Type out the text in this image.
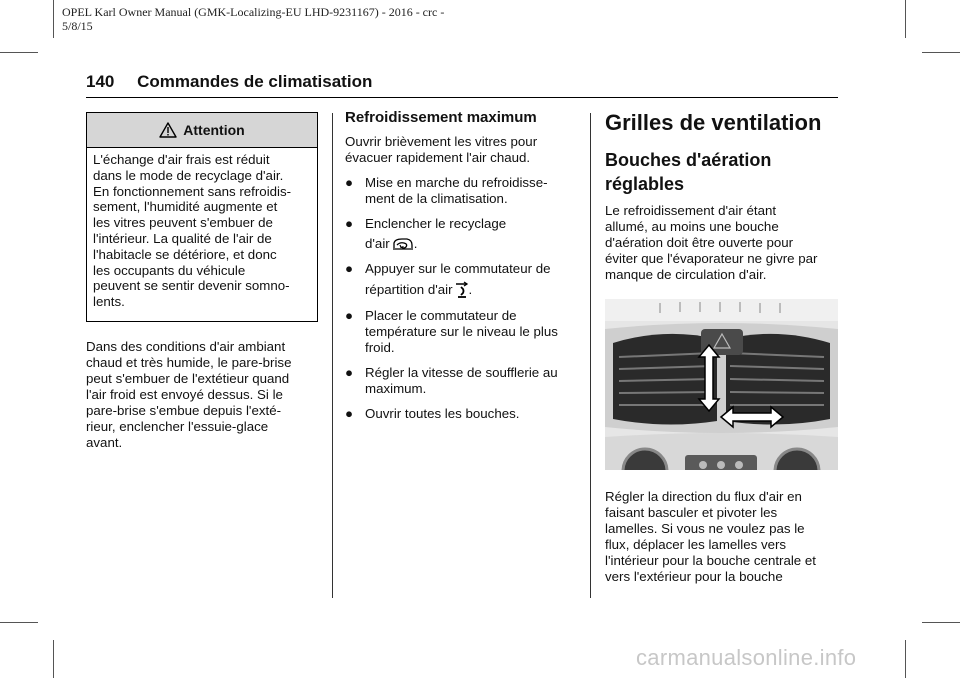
OPEL Karl Owner Manual (GMK-Localizing-EU LHD-9231167) - 2016 - crc -
5/8/15
140 Commandes de climatisation
Attention
L'échange d'air frais est réduit
dans le mode de recyclage d'air.
En fonctionnement sans refroidis-
sement, l'humidité augmente et
les vitres peuvent s'embuer de
l'intérieur. La qualité de l'air de
l'habitacle se détériore, et donc
les occupants du véhicule
peuvent se sentir devenir somno-
lents.
Dans des conditions d'air ambiant
chaud et très humide, le pare-brise
peut s'embuer de l'extétieur quand
l'air froid est envoyé dessus. Si le
pare-brise s'embue depuis l'exté-
rieur, enclencher l'essuie-glace
avant.
Refroidissement maximum
Ouvrir brièvement les vitres pour
évacuer rapidement l'air chaud.
● Mise en marche du refroidisse-
ment de la climatisation.
● Enclencher le recyclage
d'air .
● Appuyer sur le commutateur de
répartition d'air .
● Placer le commutateur de
température sur le niveau le plus
froid.
● Régler la vitesse de soufflerie au
maximum.
● Ouvrir toutes les bouches.
Grilles de ventilation
Bouches d'aération
réglables
Le refroidissement d'air étant
allumé, au moins une bouche
d'aération doit être ouverte pour
éviter que l'évaporateur ne givre par
manque de circulation d'air.
Régler la direction du flux d'air en
faisant basculer et pivoter les
lamelles. Si vous ne voulez pas le
flux, déplacer les lamelles vers
l'intérieur pour la bouche centrale et
vers l'extérieur pour la bouche
carmanualsonline.info
